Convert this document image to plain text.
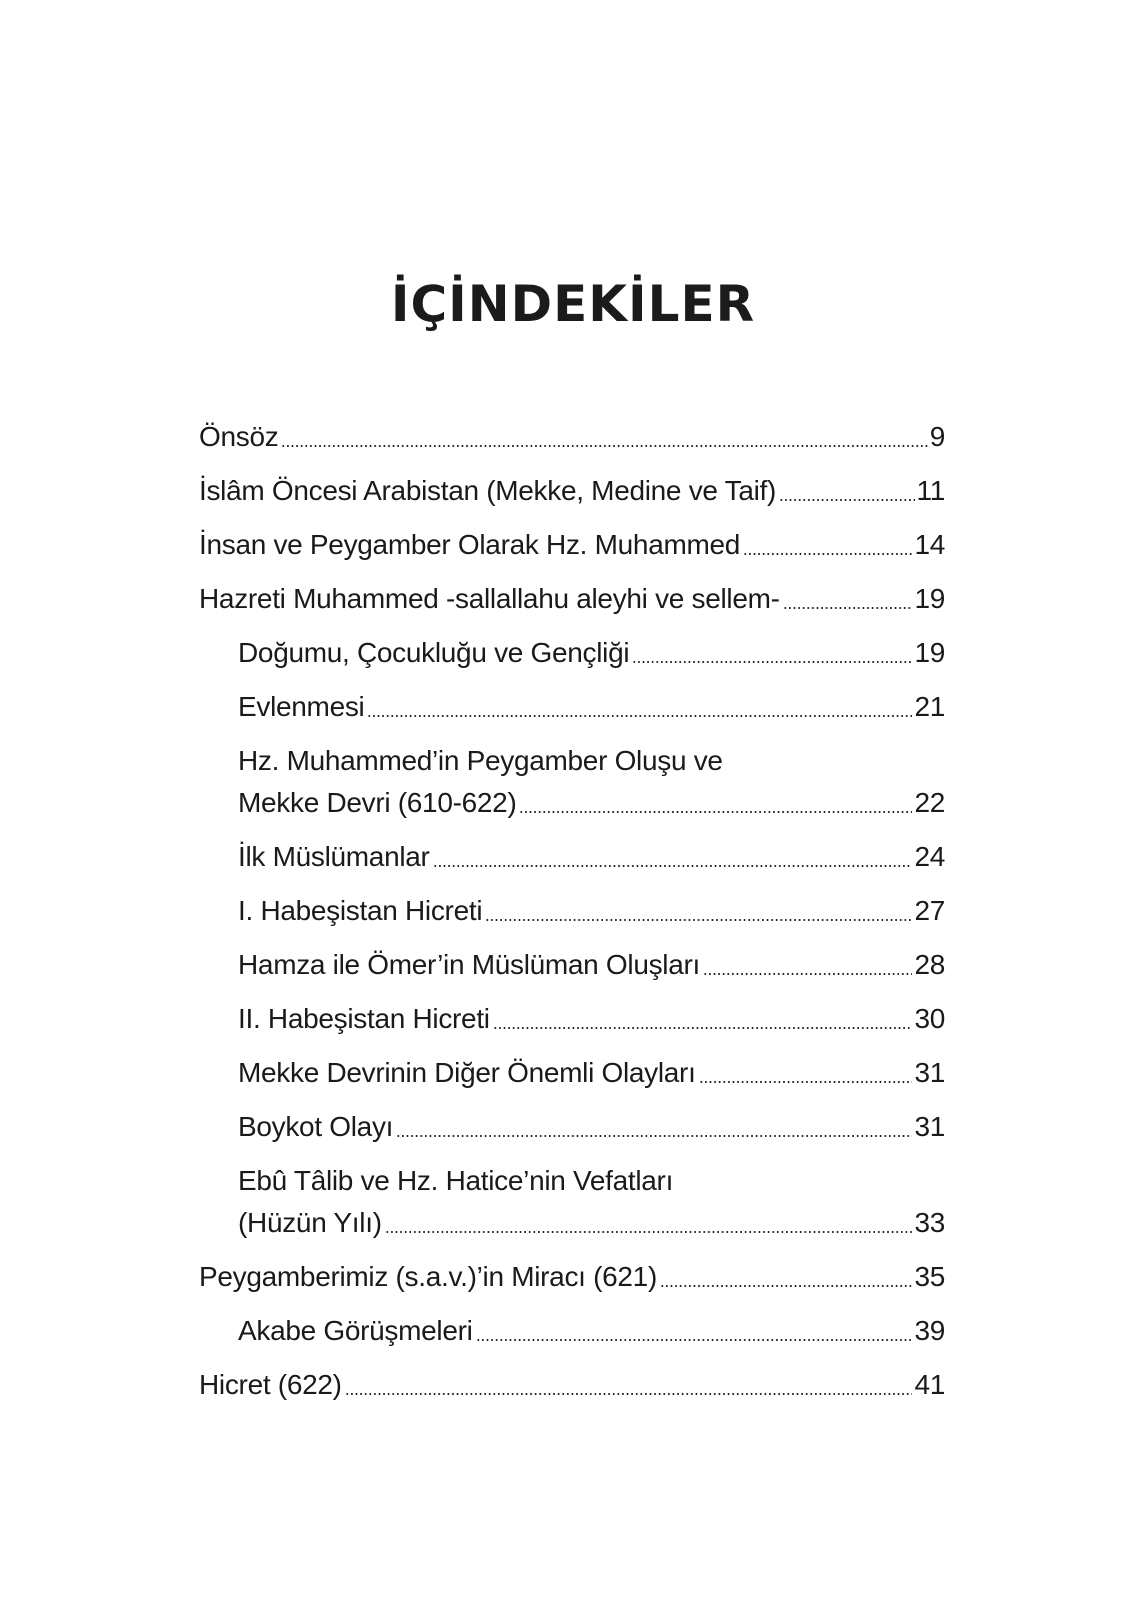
İÇİNDEKİLER
Önsöz	9
İslâm Öncesi Arabistan (Mekke, Medine ve Taif)	11
İnsan ve Peygamber Olarak Hz. Muhammed	14
Hazreti Muhammed -sallallahu aleyhi ve sellem-	19
Doğumu, Çocukluğu ve Gençliği	19
Evlenmesi	21
Hz. Muhammed’in Peygamber Oluşu ve
Mekke Devri (610-622)	22
İlk Müslümanlar	24
I. Habeşistan Hicreti	27
Hamza ile Ömer’in Müslüman Oluşları	28
II. Habeşistan Hicreti	30
Mekke Devrinin Diğer Önemli Olayları	31
Boykot Olayı	31
Ebû Tâlib ve Hz. Hatice’nin Vefatları
(Hüzün Yılı)	33
Peygamberimiz (s.a.v.)’in Miracı (621)	35
Akabe Görüşmeleri	39
Hicret (622)	41
